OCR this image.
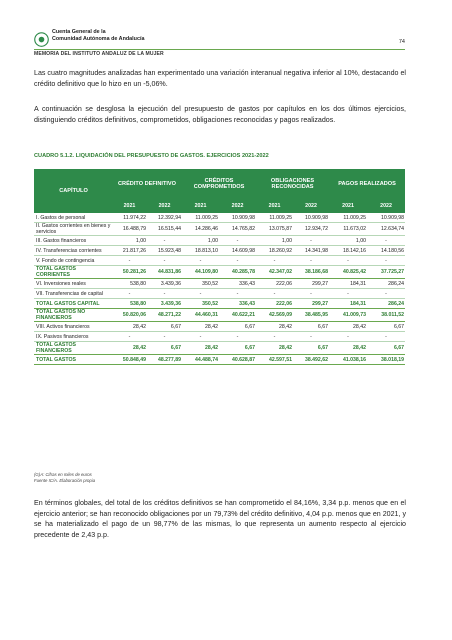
Cuenta General de la
Comunidad Autónoma de Andalucía
74
MEMORIA DEL INSTITUTO ANDALUZ DE LA MUJER

Las cuatro magnitudes analizadas han experimentado una variación interanual negativa inferior al 10%, destacando el crédito definitivo que lo hizo en un -5,06%.

A continuación se desglosa la ejecución del presupuesto de gastos por capítulos en los dos últimos ejercicios, distinguiendo créditos definitivos, comprometidos, obligaciones reconocidas y pagos realizados.

CUADRO 5.1.2. LIQUIDACIÓN DEL PRESUPUESTO DE GASTOS. EJERCICIOS 2021-2022
CAPÍTULO	CRÉDITO DEFINITIVO		CRÉDITOS COMPROMETIDOS		OBLIGACIONES RECONOCIDAS		PAGOS REALIZADOS	
	2021	2022	2021	2022	2021	2022	2021	2022
I. Gastos de personal	11.974,22	12.392,94	11.009,25	10.909,98	11.009,25	10.909,98	11.009,25	10.909,98
II. Gastos corrientes en bienes y servicios	16.488,79	16.515,44	14.286,46	14.765,82	13.075,87	12.934,72	11.673,02	12.634,74
III. Gastos financieros	1,00	-	1,00	-	1,00	-	1,00	-
IV. Transferencias corrientes	21.817,26	15.923,48	18.813,10	14.609,98	18.260,92	14.341,98	18.142,16	14.180,56
V. Fondo de contingencia	-	-	-	-	-	-	-	-
TOTAL GASTOS CORRIENTES	50.281,26	44.831,86	44.109,80	40.285,78	42.347,02	38.186,68	40.825,42	37.725,27
VI. Inversiones reales	538,80	3.439,36	350,52	336,43	222,06	299,27	184,31	286,24
VII. Transferencias de capital	-	-	-	-	-	-	-	-
TOTAL GASTOS CAPITAL	538,80	3.439,36	350,52	336,43	222,06	299,27	184,31	286,24
TOTAL GASTOS NO FINANCIEROS	50.820,06	48.271,22	44.460,31	40.622,21	42.569,09	38.485,95	41.009,73	38.011,52
VIII. Activos financieros	28,42	6,67	28,42	6,67	28,42	6,67	28,42	6,67
IX. Pasivos financieros	-	-	-	-	-	-	-	-
TOTAL GASTOS FINANCIEROS	28,42	6,67	28,42	6,67	28,42	6,67	28,42	6,67
TOTAL GASTOS	50.848,49	48.277,89	44.488,74	40.628,87	42.597,51	38.492,62	41.038,16	38.018,19
(G)A: Cifras en miles de euros
Fuente IC/A. Elaboración propia

En términos globales, del total de los créditos definitivos se han comprometido el 84,16%, 3,34 p.p. menos que en el ejercicio anterior; se han reconocido obligaciones por un 79,73% del crédito definitivo, 4,04 p.p. menos que en 2021, y se ha materializado el pago de un 98,77% de las mismas, lo que representa un aumento respecto al ejercicio precedente de 2,43 p.p.
